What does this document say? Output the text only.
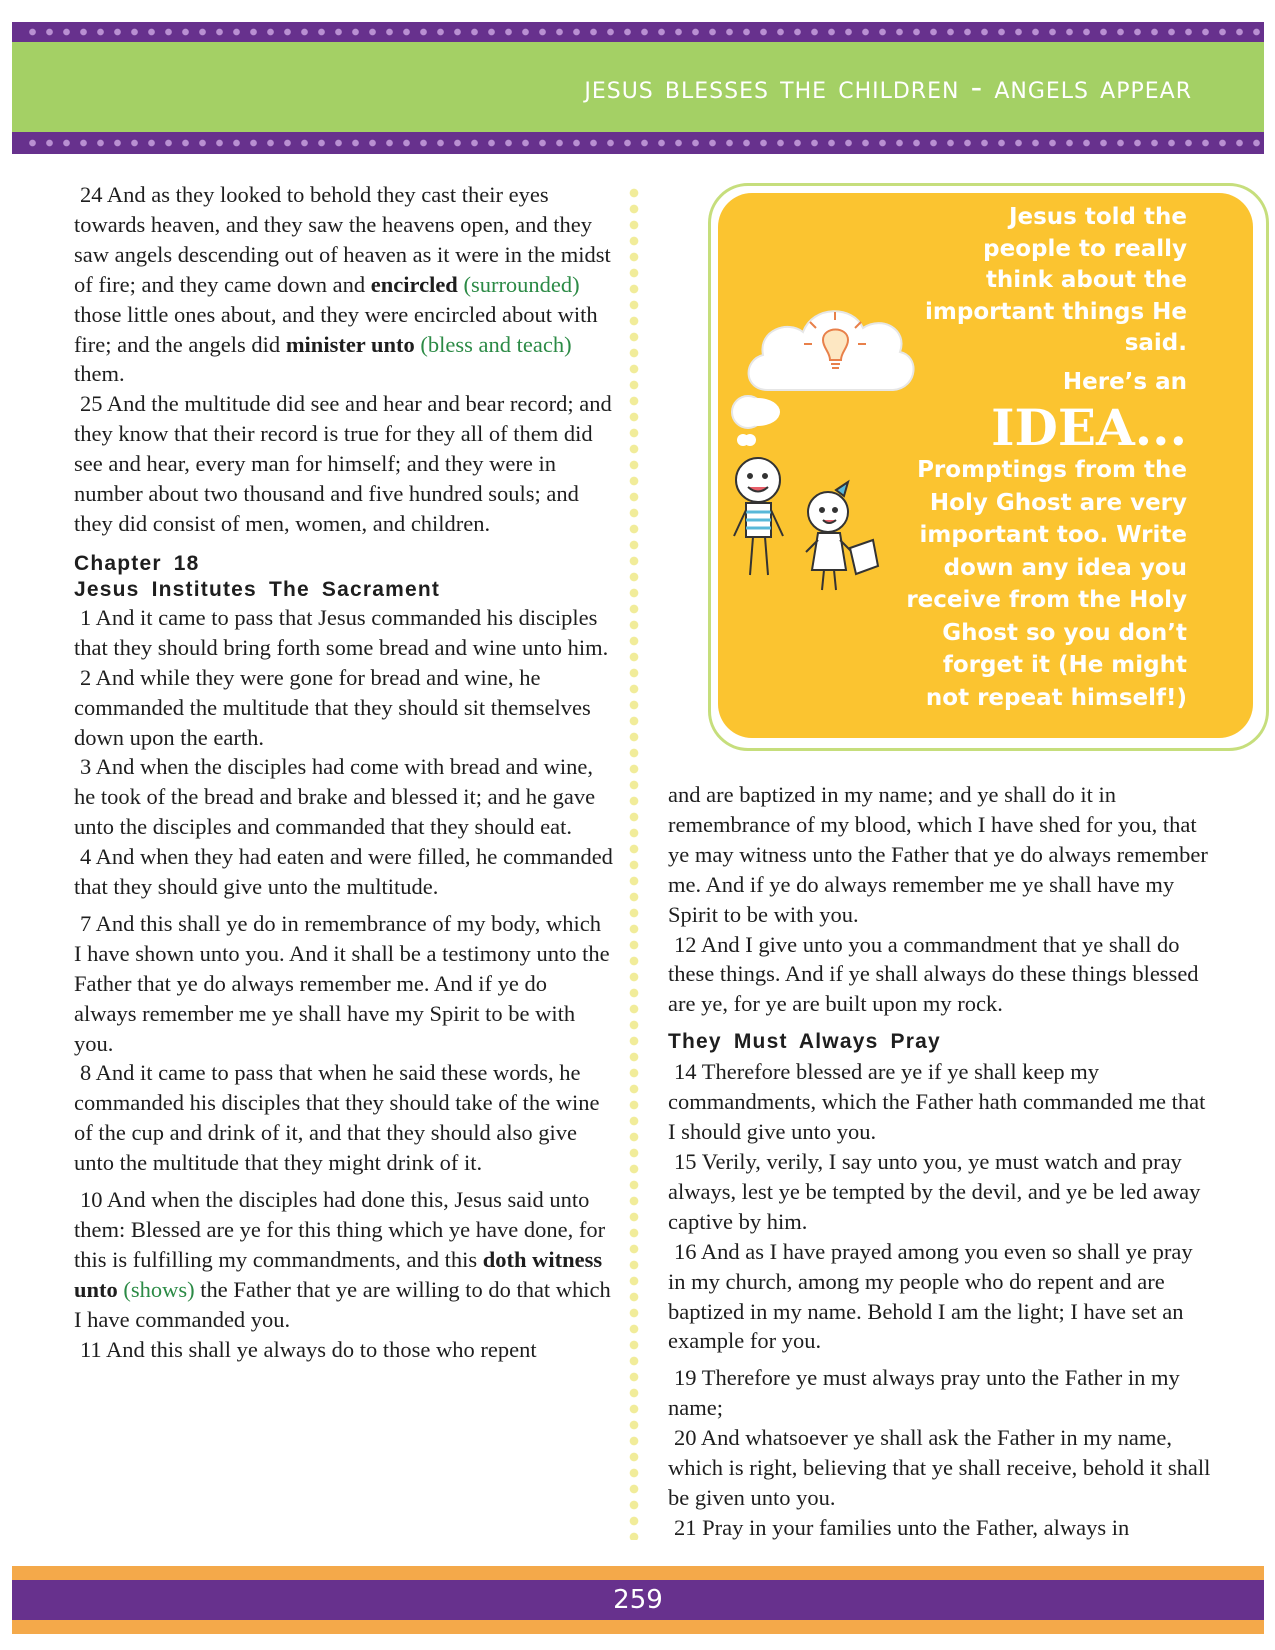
jesus blesses the children - angels appear

24 And as they looked to behold they cast their eyes towards heaven, and they saw the heavens open, and they saw angels descending out of heaven as it were in the midst of fire; and they came down and encircled (surrounded) those little ones about, and they were encircled about with fire; and the angels did minister unto (bless and teach) them.

25 And the multitude did see and hear and bear record; and they know that their record is true for they all of them did see and hear, every man for himself; and they were in number about two thousand and five hundred souls; and they did consist of men, women, and children.

Chapter 18
Jesus Institutes The Sacrament

1 And it came to pass that Jesus commanded his disciples that they should bring forth some bread and wine unto him.

2 And while they were gone for bread and wine, he commanded the multitude that they should sit themselves down upon the earth.

3 And when the disciples had come with bread and wine, he took of the bread and brake and blessed it; and he gave unto the disciples and commanded that they should eat.

4 And when they had eaten and were filled, he commanded that they should give unto the multitude.

7 And this shall ye do in remembrance of my body, which I have shown unto you. And it shall be a testimony unto the Father that ye do always remember me. And if ye do always remember me ye shall have my Spirit to be with you.

8 And it came to pass that when he said these words, he commanded his disciples that they should take of the wine of the cup and drink of it, and that they should also give unto the multitude that they might drink of it.

10 And when the disciples had done this, Jesus said unto them: Blessed are ye for this thing which ye have done, for this is fulfilling my commandments, and this doth witness unto (shows) the Father that ye are willing to do that which I have commanded you.

11 And this shall ye always do to those who repent

Jesus told the people to really think about the important things He said.
Here’s an
IDEA...
Promptings from the Holy Ghost are very important too. Write down any idea you receive from the Holy Ghost so you don’t forget it (He might not repeat himself!)

and are baptized in my name; and ye shall do it in remembrance of my blood, which I have shed for you, that ye may witness unto the Father that ye do always remember me. And if ye do always remember me ye shall have my Spirit to be with you.

12 And I give unto you a commandment that ye shall do these things. And if ye shall always do these things blessed are ye, for ye are built upon my rock.

They Must Always Pray

14 Therefore blessed are ye if ye shall keep my commandments, which the Father hath commanded me that I should give unto you.

15 Verily, verily, I say unto you, ye must watch and pray always, lest ye be tempted by the devil, and ye be led away captive by him.

16 And as I have prayed among you even so shall ye pray in my church, among my people who do repent and are baptized in my name. Behold I am the light; I have set an example for you.

19 Therefore ye must always pray unto the Father in my name;

20 And whatsoever ye shall ask the Father in my name, which is right, believing that ye shall receive, behold it shall be given unto you.

21 Pray in your families unto the Father, always in

259
